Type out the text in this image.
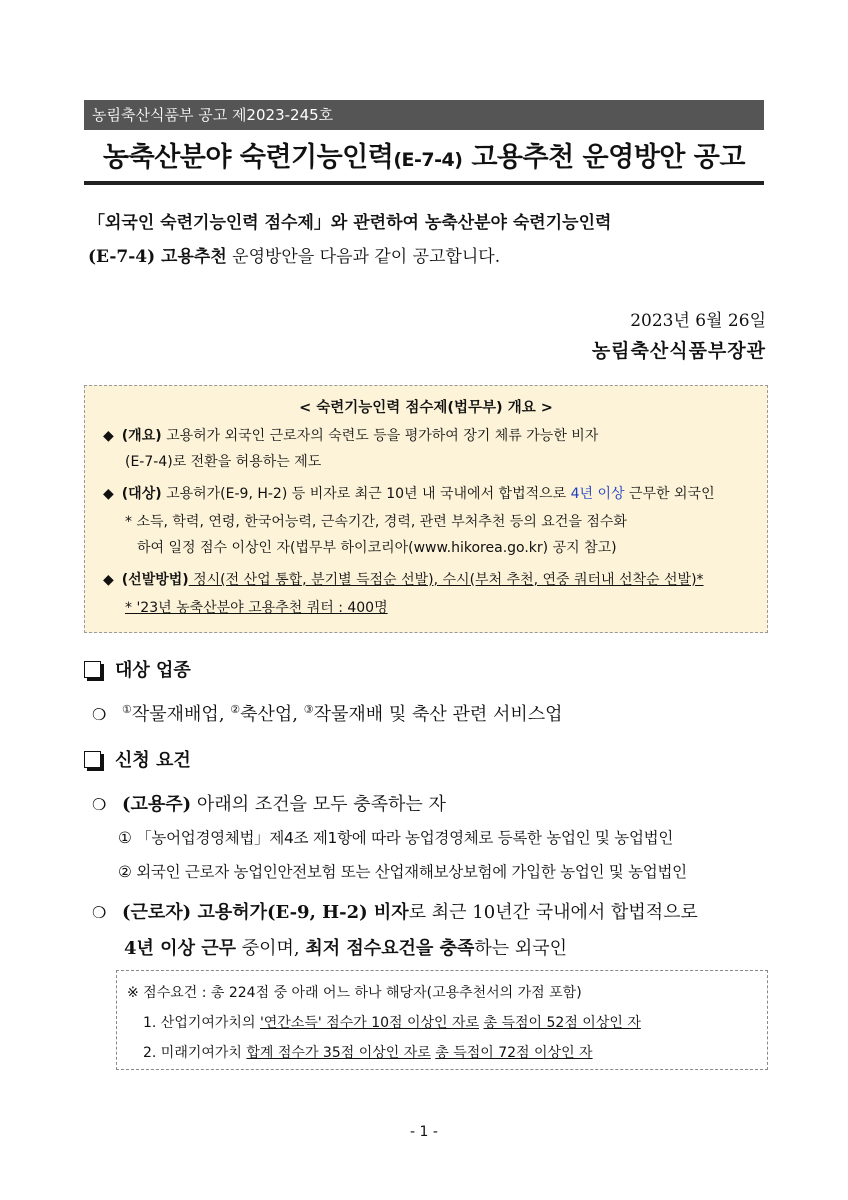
농림축산식품부 공고 제2023-245호
농축산분야 숙련기능인력(E-7-4) 고용추천 운영방안 공고
「외국인 숙련기능인력 점수제」와 관련하여 농축산분야 숙련기능인력
(E-7-4) 고용추천 운영방안을 다음과 같이 공고합니다.
2023년 6월 26일
농림축산식품부장관
< 숙련기능인력 점수제(법무부) 개요 >
◆ (개요) 고용허가 외국인 근로자의 숙련도 등을 평가하여 장기 체류 가능한 비자
(E-7-4)로 전환을 허용하는 제도
◆ (대상) 고용허가(E-9, H-2) 등 비자로 최근 10년 내 국내에서 합법적으로 4년 이상 근무한 외국인
* 소득, 학력, 연령, 한국어능력, 근속기간, 경력, 관련 부처추천 등의 요건을 점수화
하여 일정 점수 이상인 자(법무부 하이코리아(www.hikorea.go.kr) 공지 참고)
◆ (선발방법) 정시(전 산업 통합, 분기별 득점순 선발), 수시(부처 추천, 연중 쿼터내 선착순 선발)*
* '23년 농축산분야 고용추천 쿼터 : 400명
대상 업종
❍	①작물재배업, ②축산업, ③작물재배 및 축산 관련 서비스업
신청 요건
❍ (고용주) 아래의 조건을 모두 충족하는 자
① 「농어업경영체법」제4조 제1항에 따라 농업경영체로 등록한 농업인 및 농업법인
② 외국인 근로자 농업인안전보험 또는 산업재해보상보험에 가입한 농업인 및 농업법인
❍ (근로자) 고용허가(E-9, H-2) 비자로 최근 10년간 국내에서 합법적으로
4년 이상 근무 중이며, 최저 점수요건을 충족하는 외국인
※ 점수요건 : 총 224점 중 아래 어느 하나 해당자(고용추천서의 가점 포함)
1. 산업기여가치의 '연간소득' 점수가 10점 이상인 자로 총 득점이 52점 이상인 자
2. 미래기여가치 합계 점수가 35점 이상인 자로 총 득점이 72점 이상인 자
- 1 -
